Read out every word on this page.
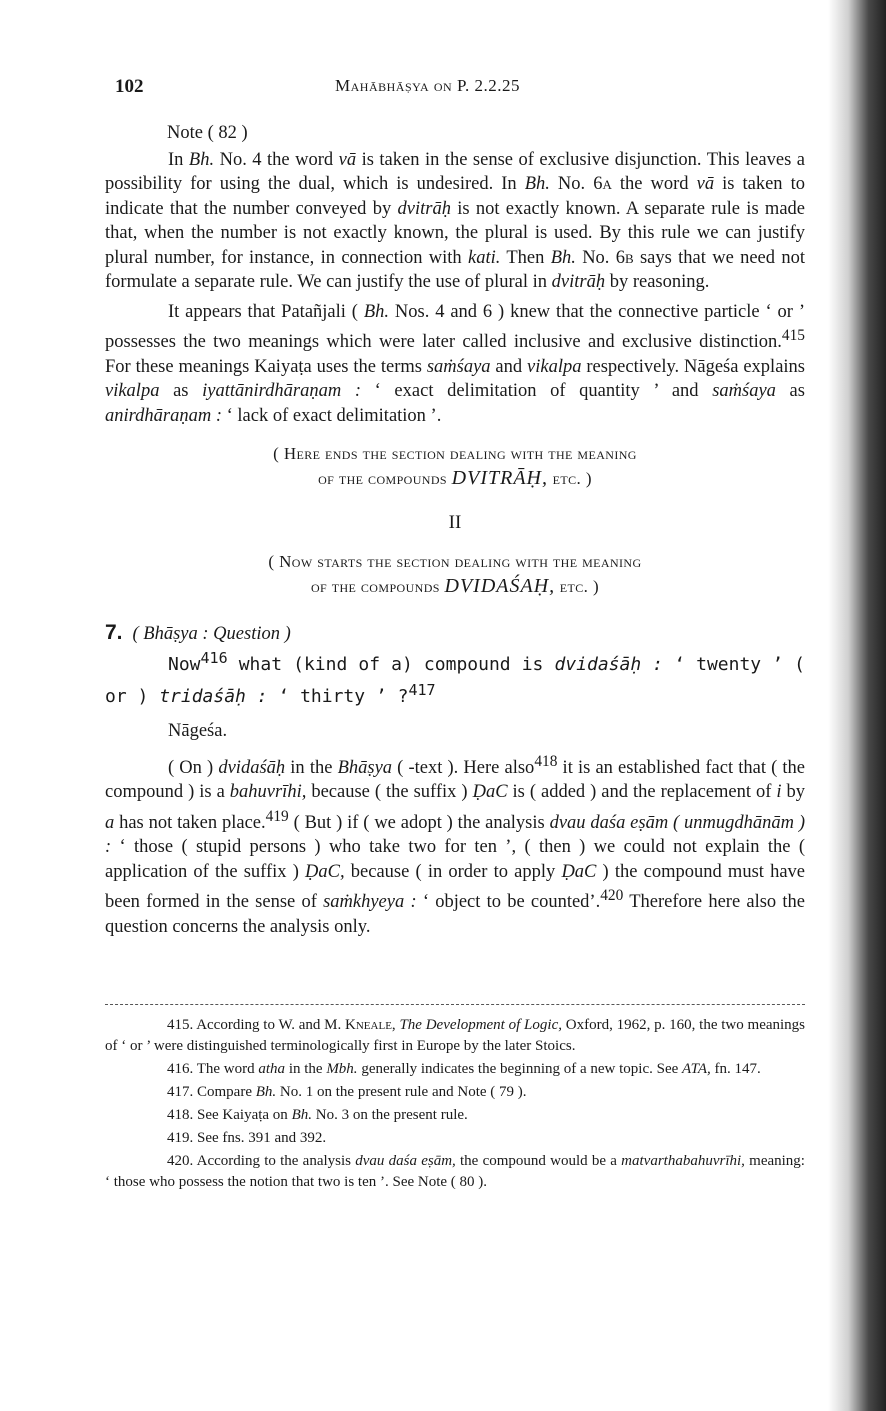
102	Mahābhāṣya on P. 2.2.25

Note ( 82 )

In Bh. No. 4 the word vā is taken in the sense of exclusive disjunction. This leaves a possibility for using the dual, which is undesired. In Bh. No. 6a the word vā is taken to indicate that the number conveyed by dvitrāḥ is not exactly known. A separate rule is made that, when the number is not exactly known, the plural is used. By this rule we can justify plural number, for instance, in connection with kati. Then Bh. No. 6b says that we need not formulate a separate rule. We can justify the use of plural in dvitrāḥ by reasoning.

It appears that Patañjali ( Bh. Nos. 4 and 6 ) knew that the connective particle ‘ or ’ possesses the two meanings which were later called inclusive and exclusive distinction.$^{415}$ For these meanings Kaiyaṭa uses the terms saṁśaya and vikalpa respectively. Nāgeśa explains vikalpa as iyattānirdhāraṇam : ‘ exact delimitation of quantity ’ and saṁśaya as anirdhāraṇam : ‘ lack of exact delimitation ’.

( Here ends the section dealing with the meaning
of the compounds DVITRĀḤ, etc. )
II
( Now starts the section dealing with the meaning
of the compounds DVIDAŚAḤ, etc. )

7. ( Bhāṣya : Question )

Now$^{416}$ what (kind of a) compound is dvidaśāḥ : ‘ twenty ’ ( or ) tridaśāḥ : ‘ thirty ’ ?$^{417}$

Nāgeśa.

( On ) dvidaśāḥ in the Bhāṣya ( -text ). Here also$^{418}$ it is an established fact that ( the compound ) is a bahuvrīhi, because ( the suffix ) ḌaC is ( added ) and the replacement of i by a has not taken place.$^{419}$ ( But ) if ( we adopt ) the analysis dvau daśa eṣām ( unmugdhānām ) : ‘ those ( stupid persons ) who take two for ten ’, ( then ) we could not explain the ( application of the suffix ) ḌaC, because ( in order to apply ḌaC ) the compound must have been formed in the sense of saṁkhyeya : ‘ object to be counted’.$^{420}$ Therefore here also the question concerns the analysis only.

415. According to W. and M. Kneale, The Development of Logic, Oxford, 1962, p. 160, the two meanings of ‘ or ’ were distinguished terminologically first in Europe by the later Stoics.

416. The word atha in the Mbh. generally indicates the beginning of a new topic. See ATA, fn. 147.

417. Compare Bh. No. 1 on the present rule and Note ( 79 ).

418. See Kaiyaṭa on Bh. No. 3 on the present rule.

419. See fns. 391 and 392.

420. According to the analysis dvau daśa eṣām, the compound would be a matvarthabahuvrīhi, meaning: ‘ those who possess the notion that two is ten ’. See Note ( 80 ).
